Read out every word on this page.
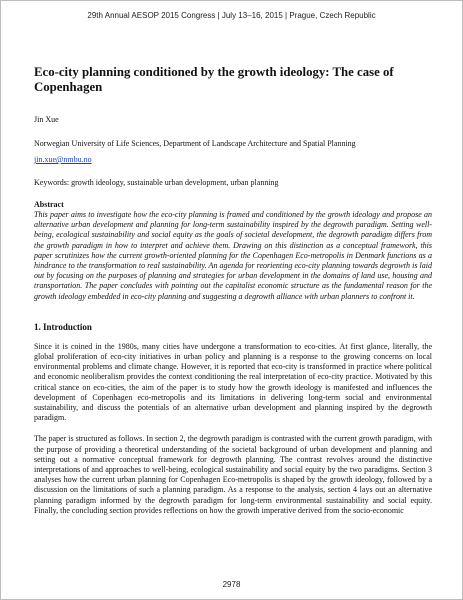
29th Annual AESOP 2015 Congress | July 13–16, 2015 | Prague, Czech Republic
Eco-city planning conditioned by the growth ideology: The case of Copenhagen

Jin Xue

Norwegian University of Life Sciences, Department of Landscape Architecture and Spatial Planning

jin.xue@nmbu.no

Keywords: growth ideology, sustainable urban development, urban planning

Abstract

This paper aims to investigate how the eco-city planning is framed and conditioned by the growth ideology and propose an alternative urban development and planning for long-term sustainability inspired by the degrowth paradigm. Setting well-being, ecological sustainability and social equity as the goals of societal development, the degrowth paradigm differs from the growth paradigm in how to interpret and achieve them. Drawing on this distinction as a conceptual framework, this paper scrutinizes how the current growth-oriented planning for the Copenhagen Eco-metropolis in Denmark functions as a hindrance to the transformation to real sustainability. An agenda for reorienting eco-city planning towards degrowth is laid out by focusing on the purposes of planning and strategies for urban development in the domains of land use, housing and transportation. The paper concludes with pointing out the capitalist economic structure as the fundamental reason for the growth ideology embedded in eco-city planning and suggesting a degrowth alliance with urban planners to confront it.

1. Introduction

Since it is coined in the 1980s, many cities have undergone a transformation to eco-cities. At first glance, literally, the global proliferation of eco-city initiatives in urban policy and planning is a response to the growing concerns on local environmental problems and climate change. However, it is reported that eco-city is transformed in practice where political and economic neoliberalism provides the context conditioning the real interpretation of eco-city practice. Motivated by this critical stance on eco-cities, the aim of the paper is to study how the growth ideology is manifested and influences the development of Copenhagen eco-metropolis and its limitations in delivering long-term social and environmental sustainability, and discuss the potentials of an alternative urban development and planning inspired by the degrowth paradigm.

The paper is structured as follows. In section 2, the degrowth paradigm is contrasted with the current growth paradigm, with the purpose of providing a theoretical understanding of the societal background of urban development and planning and setting out a normative conceptual framework for degrowth planning. The contrast revolves around the distinctive interpretations of and approaches to well-being, ecological sustainability and social equity by the two paradigms. Section 3 analyses how the current urban planning for Copenhagen Eco-metropolis is shaped by the growth ideology, followed by a discussion on the limitations of such a planning paradigm. As a response to the analysis, section 4 lays out an alternative planning paradigm informed by the degrowth paradigm for long-term environmental sustainability and social equity. Finally, the concluding section provides reflections on how the growth imperative derived from the socio-economic

2978
